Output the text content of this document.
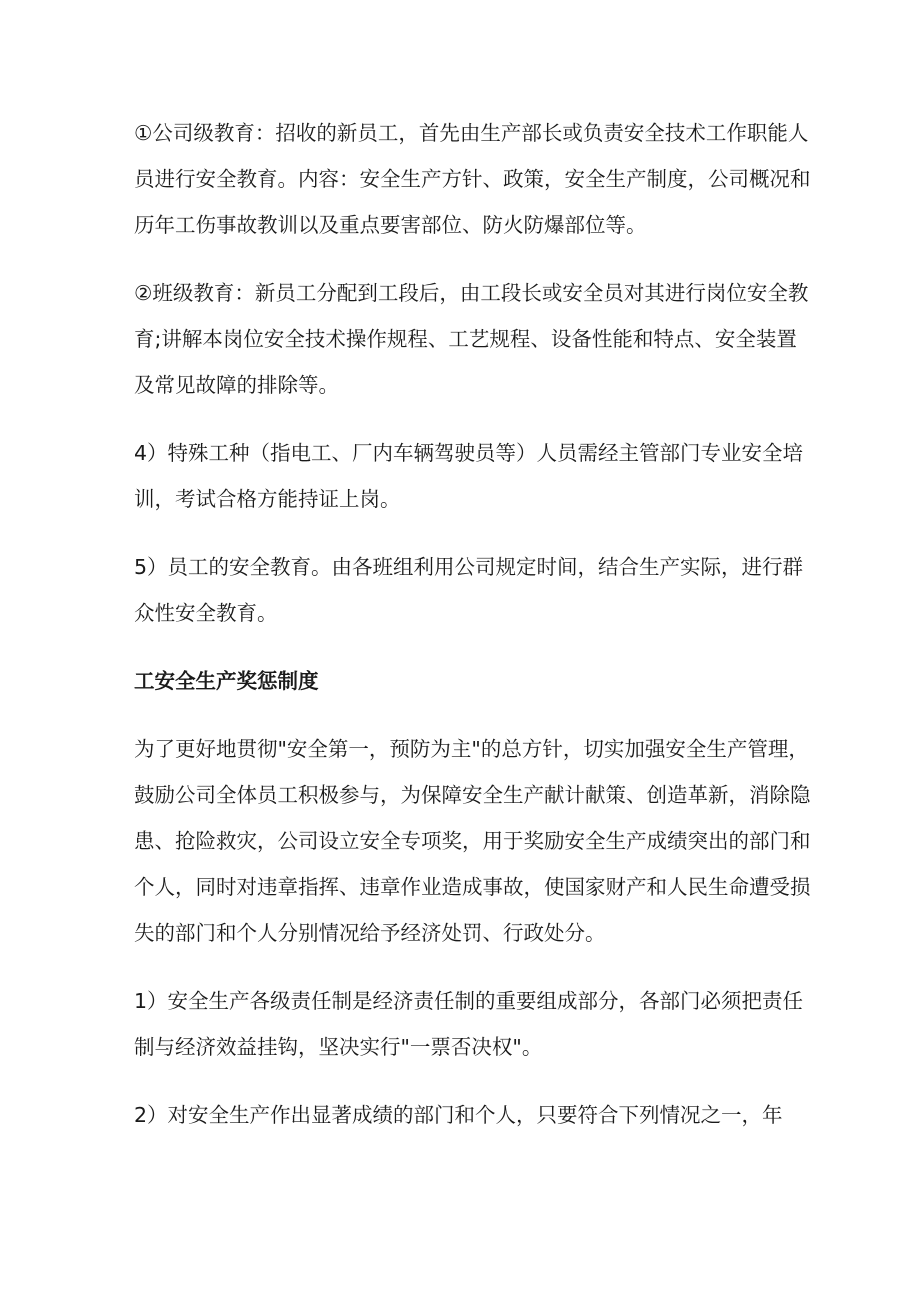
①公司级教育：招收的新员工，首先由生产部长或负责安全技术工作职能人员进行安全教育。内容：安全生产方针、政策，安全生产制度，公司概况和历年工伤事故教训以及重点要害部位、防火防爆部位等。

②班级教育：新员工分配到工段后，由工段长或安全员对其进行岗位安全教育;讲解本岗位安全技术操作规程、工艺规程、设备性能和特点、安全装置及常见故障的排除等。

4）特殊工种（指电工、厂内车辆驾驶员等）人员需经主管部门专业安全培训，考试合格方能持证上岗。

5）员工的安全教育。由各班组利用公司规定时间，结合生产实际，进行群众性安全教育。

工安全生产奖惩制度

为了更好地贯彻"安全第一，预防为主"的总方针，切实加强安全生产管理，鼓励公司全体员工积极参与，为保障安全生产献计献策、创造革新，消除隐患、抢险救灾，公司设立安全专项奖，用于奖励安全生产成绩突出的部门和个人，同时对违章指挥、违章作业造成事故，使国家财产和人民生命遭受损失的部门和个人分别情况给予经济处罚、行政处分。

1）安全生产各级责任制是经济责任制的重要组成部分，各部门必须把责任制与经济效益挂钩，坚决实行"一票否决权"。

2）对安全生产作出显著成绩的部门和个人，只要符合下列情况之一，年
